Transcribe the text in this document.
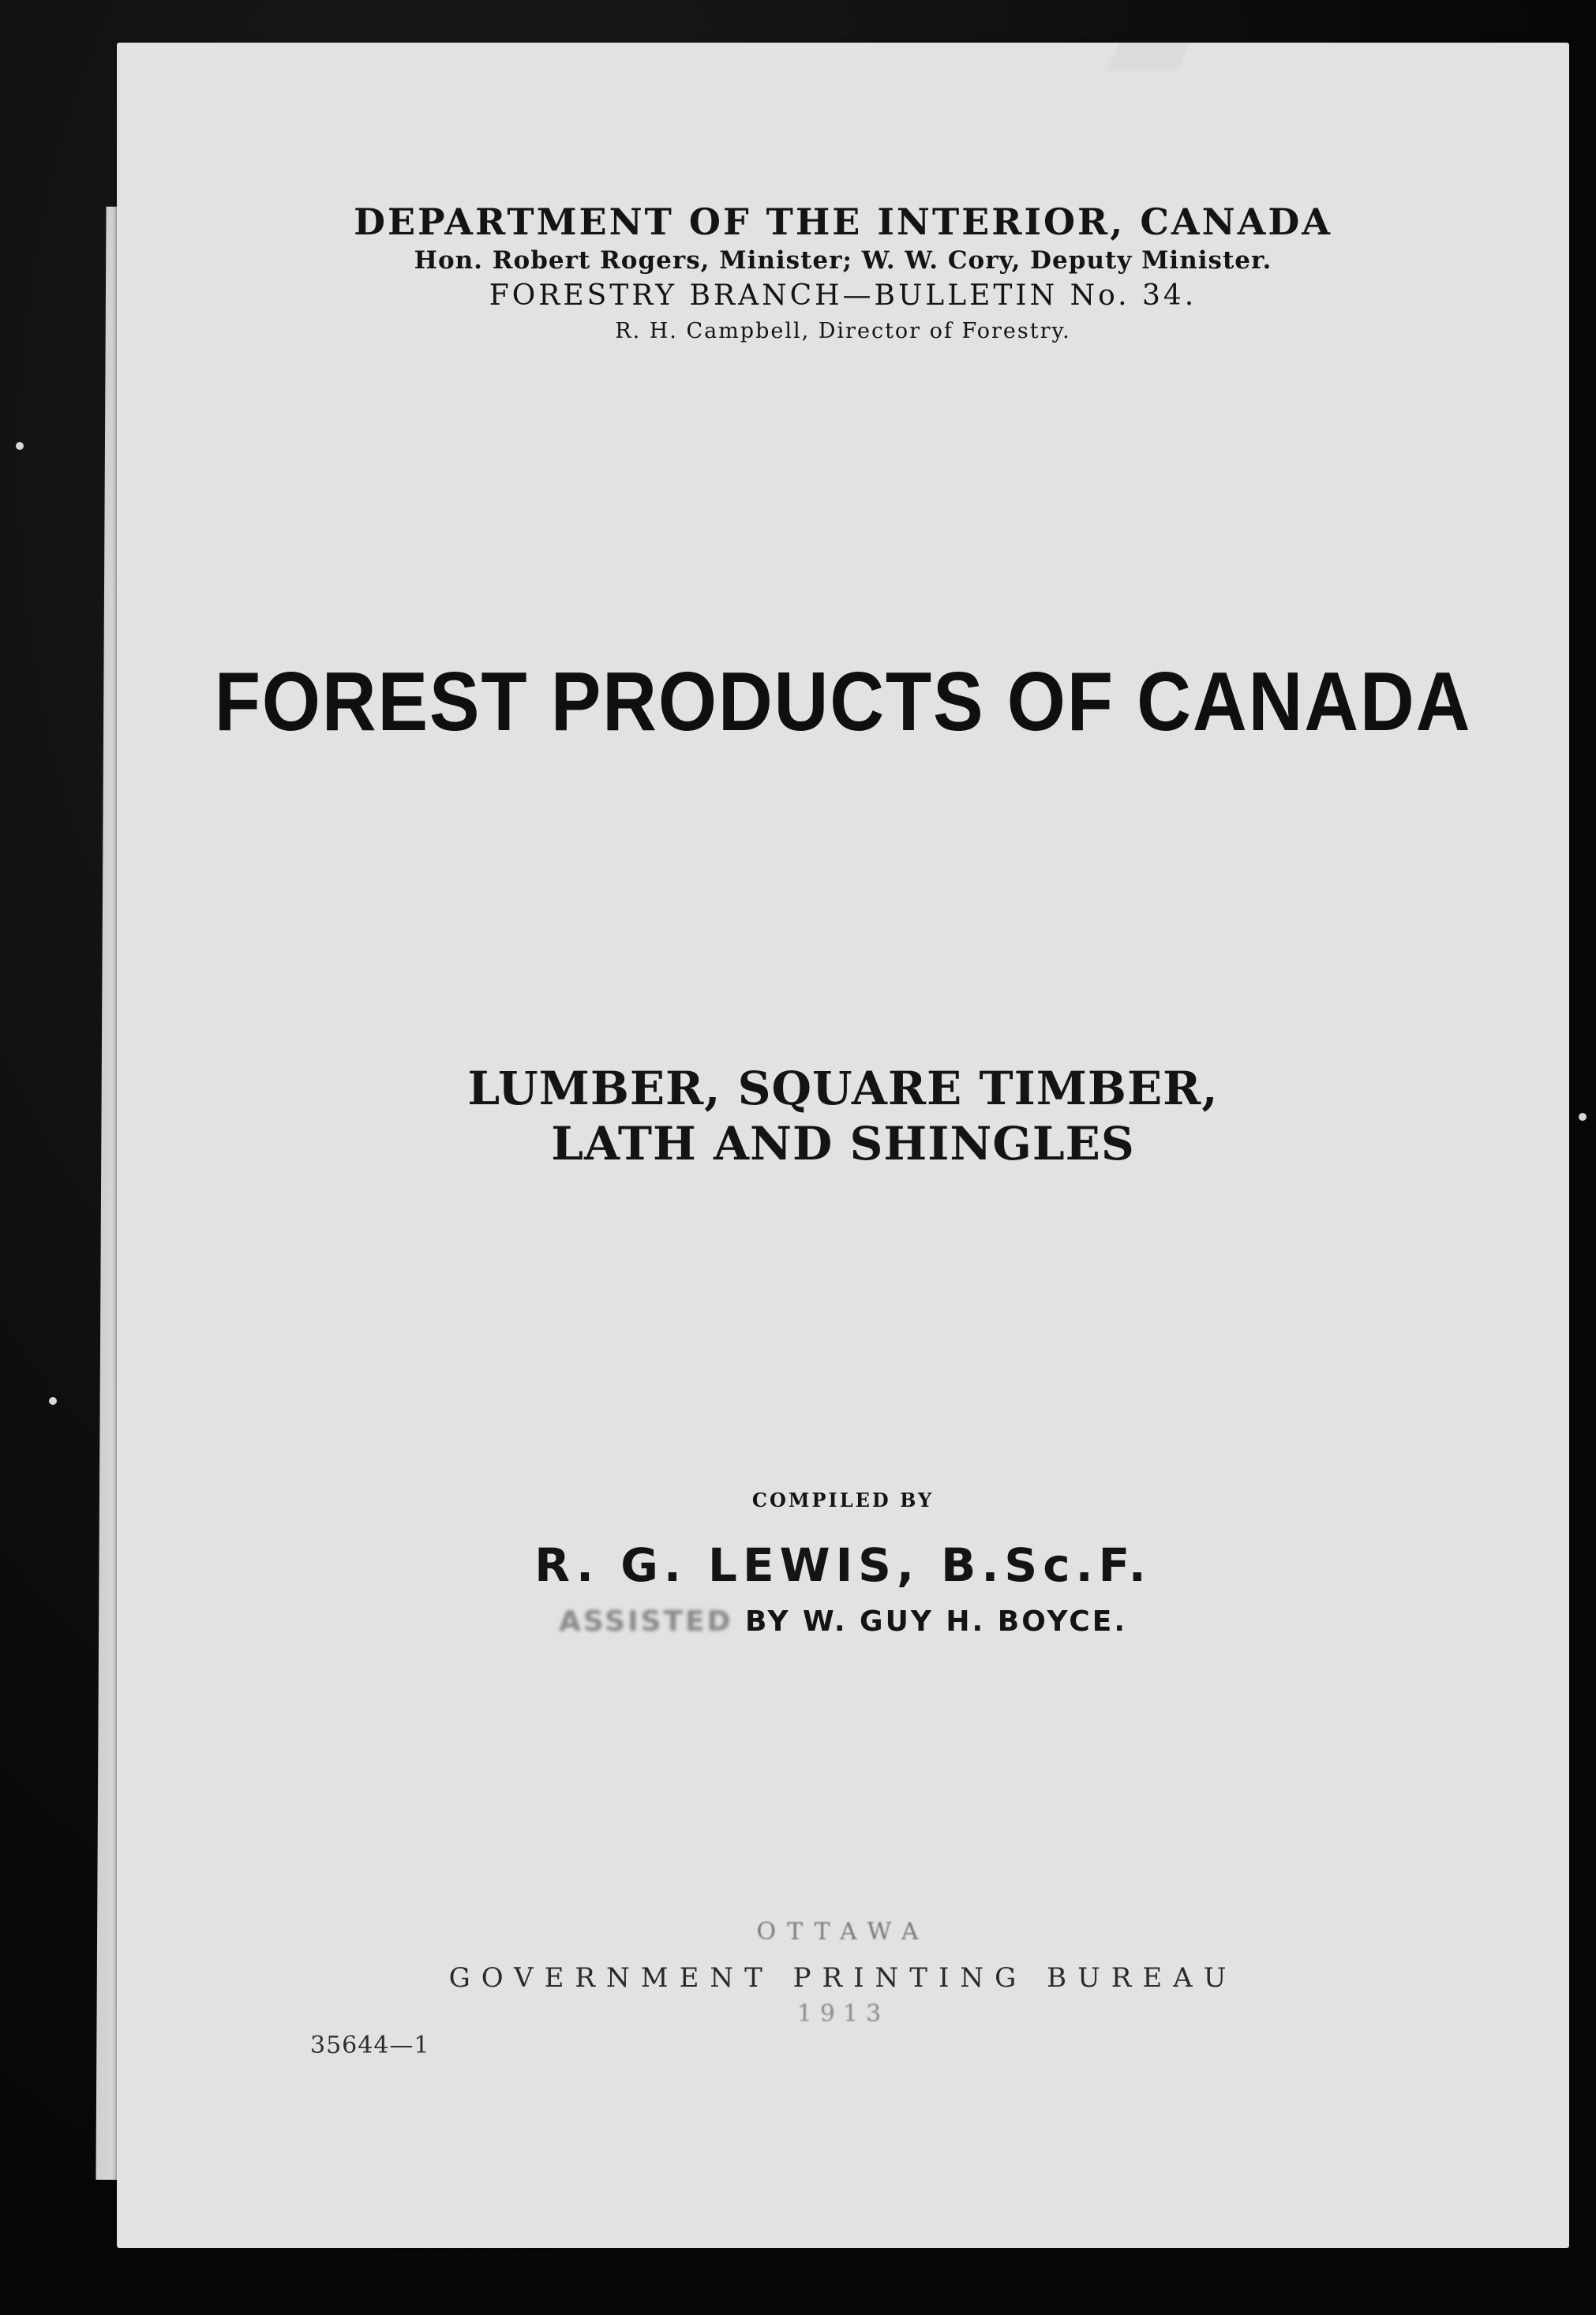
DEPARTMENT OF THE INTERIOR, CANADA
Hon. Robert Rogers, Minister; W. W. Cory, Deputy Minister.
FORESTRY BRANCH—BULLETIN No. 34.
R. H. Campbell, Director of Forestry.
FOREST PRODUCTS OF CANADA
LUMBER, SQUARE TIMBER, LATH AND SHINGLES
COMPILED BY
R. G. LEWIS, B.Sc.F.
ASSISTED BY W. GUY H. BOYCE.
OTTAWA
GOVERNMENT PRINTING BUREAU
1913
35644—1
